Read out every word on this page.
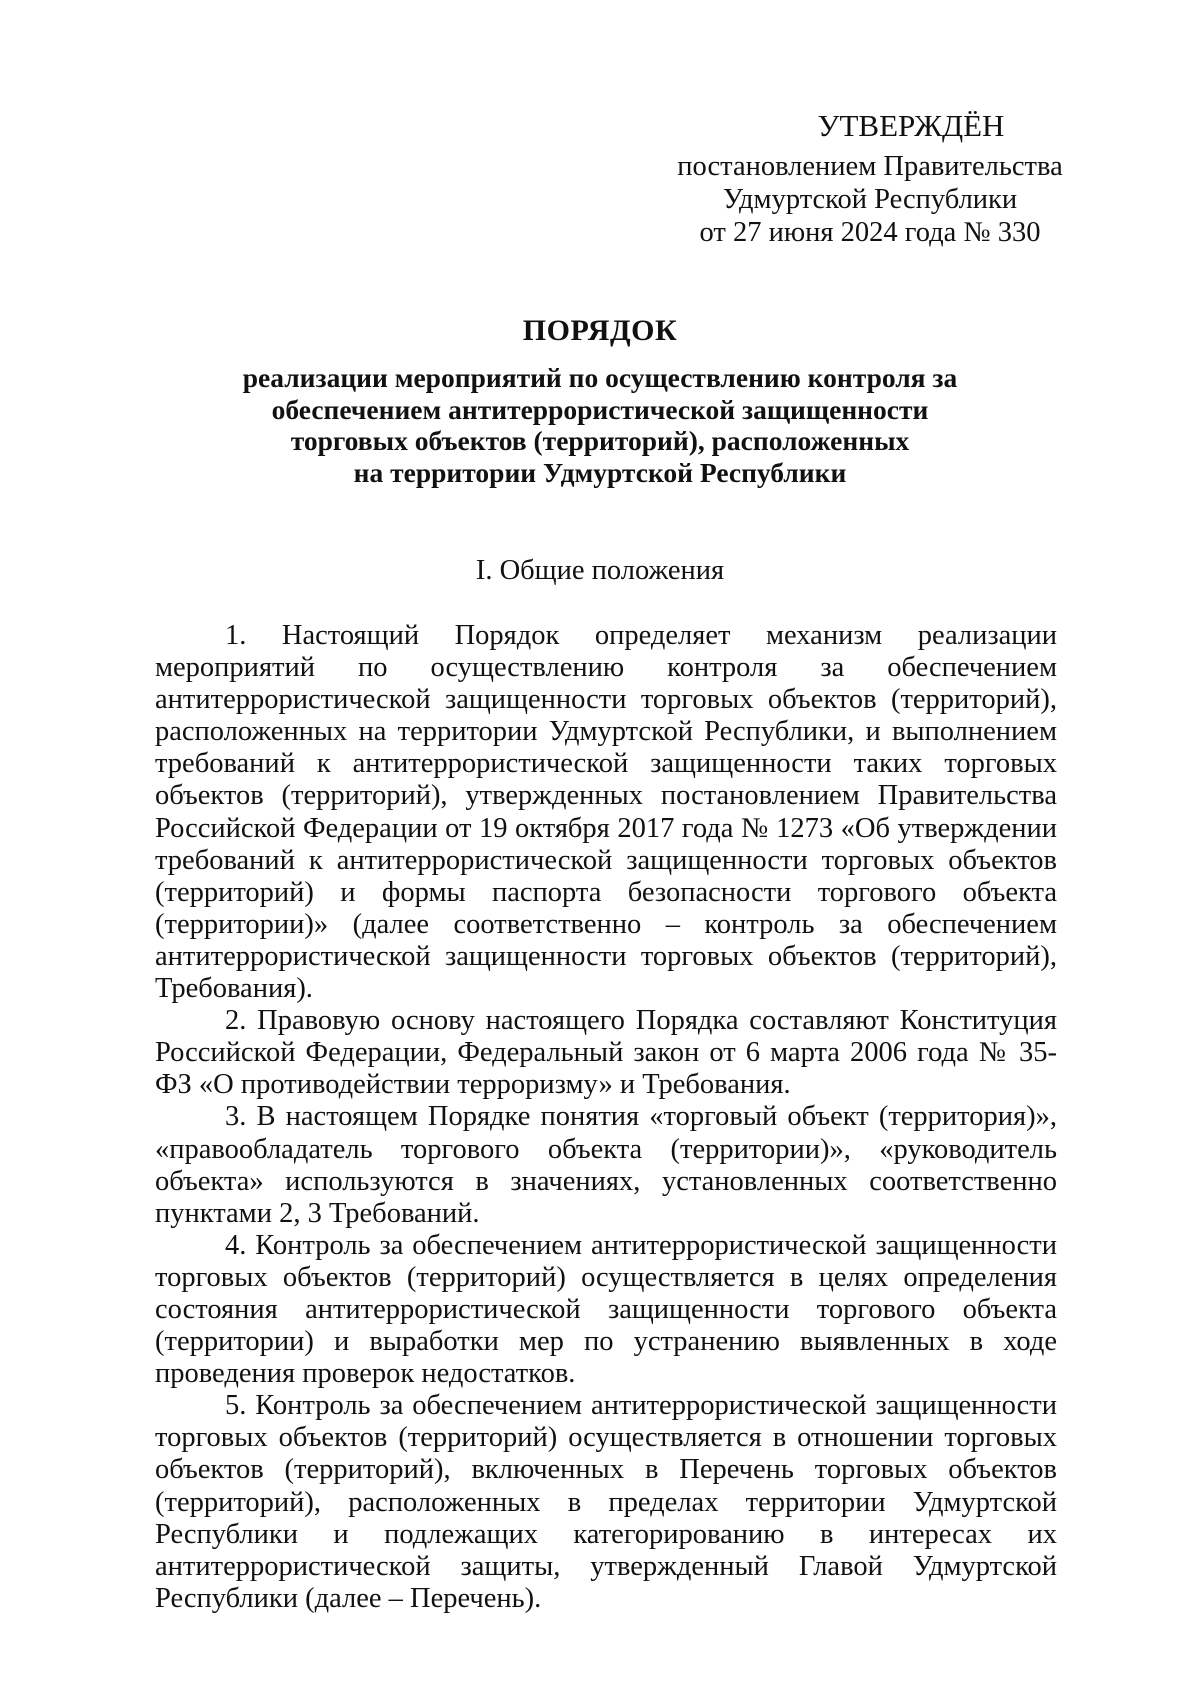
УТВЕРЖДЁН
постановлением Правительства
Удмуртской Республики
от 27 июня 2024 года № 330
ПОРЯДОК
реализации мероприятий по осуществлению контроля за
обеспечением антитеррористической защищенности
торговых объектов (территорий), расположенных
на территории Удмуртской Республики
I. Общие положения

1. Настоящий Порядок определяет механизм реализации мероприятий по осуществлению контроля за обеспечением антитеррористической защищенности торговых объектов (территорий), расположенных на территории Удмуртской Республики, и выполнением требований к антитеррористической защищенности таких торговых объектов (территорий), утвержденных постановлением Правительства Российской Федерации от 19 октября 2017 года № 1273 «Об утверждении требований к антитеррористической защищенности торговых объектов (территорий) и формы паспорта безопасности торгового объекта (территории)» (далее соответственно – контроль за обеспечением антитеррористической защищенности торговых объектов (территорий), Требования).

2. Правовую основу настоящего Порядка составляют Конституция Российской Федерации, Федеральный закон от 6 марта 2006 года № 35-ФЗ «О противодействии терроризму» и Требования.

3. В настоящем Порядке понятия «торговый объект (территория)», «правообладатель торгового объекта (территории)», «руководитель объекта» используются в значениях, установленных соответственно пунктами 2, 3 Требований.

4. Контроль за обеспечением антитеррористической защищенности торговых объектов (территорий) осуществляется в целях определения состояния антитеррористической защищенности торгового объекта (территории) и выработки мер по устранению выявленных в ходе проведения проверок недостатков.

5. Контроль за обеспечением антитеррористической защищенности торговых объектов (территорий) осуществляется в отношении торговых объектов (территорий), включенных в Перечень торговых объектов (территорий), расположенных в пределах территории Удмуртской Республики и подлежащих категорированию в интересах их антитеррористической защиты, утвержденный Главой Удмуртской Республики (далее – Перечень).
